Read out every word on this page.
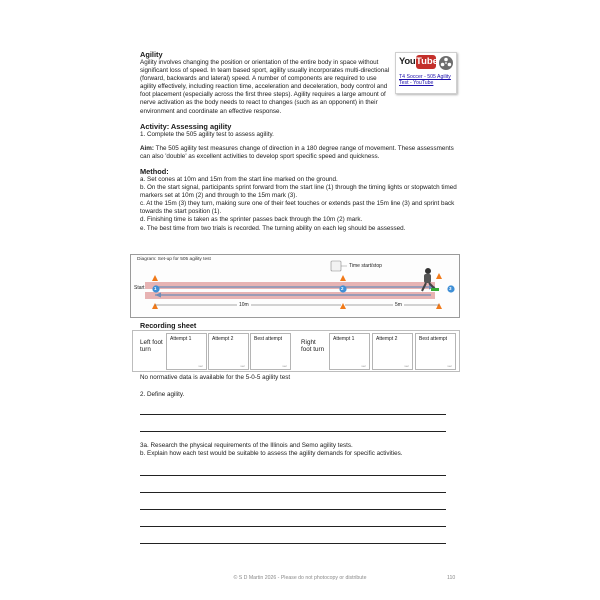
Agility

Agility involves changing the position or orientation of the entire body in space without significant loss of speed. In team based sport, agility usually incorporates multi-directional (forward, backwards and lateral) speed. A number of components are required to use agility effectively, including reaction time, acceleration and deceleration, body control and foot placement (especially across the first three steps). Agility requires a large amount of nerve activation as the body needs to react to changes (such as an opponent) in their environment and coordinate an effective response.

Activity: Assessing agility

1. Complete the 505 agility test to assess agility.

Aim: The 505 agility test measures change of direction in a 180 degree range of movement. These assessments can also 'double' as excellent activities to develop sport specific speed and quickness.

Method:

a. Set cones at 10m and 15m from the start line marked on the ground.

b. On the start signal, participants sprint forward from the start line (1) through the timing lights or stopwatch timed markers set at 10m (2) and through to the 15m mark (3).

c. At the 15m (3) they turn, making sure one of their feet touches or extends past the 15m line (3) and sprint back towards the start position (1).

d. Finishing time is taken as the sprinter passes back through the 10m (2) mark.

e. The best time from two trials is recorded. The turning ability on each leg should be assessed.

You Tube
T4 Soccer - 505 Agility Test - YouTube
Diagram: Set-up for 505 agility test
Start 1	2	3
Time start/stop
10m	5m
Recording sheet
Left foot turn
Attempt 1
sec
Attempt 2
sec
Best attempt
sec
Right foot turn
Attempt 1
sec
Attempt 2
sec
Best attempt
sec
No normative data is available for the 5-0-5 agility test
2. Define agility.
3a. Research the physical requirements of the Illinois and Semo agility tests.
b. Explain how each test would be suitable to assess the agility demands for specific activities.
© S D Martin 2026 - Please do not photocopy or distribute	110
